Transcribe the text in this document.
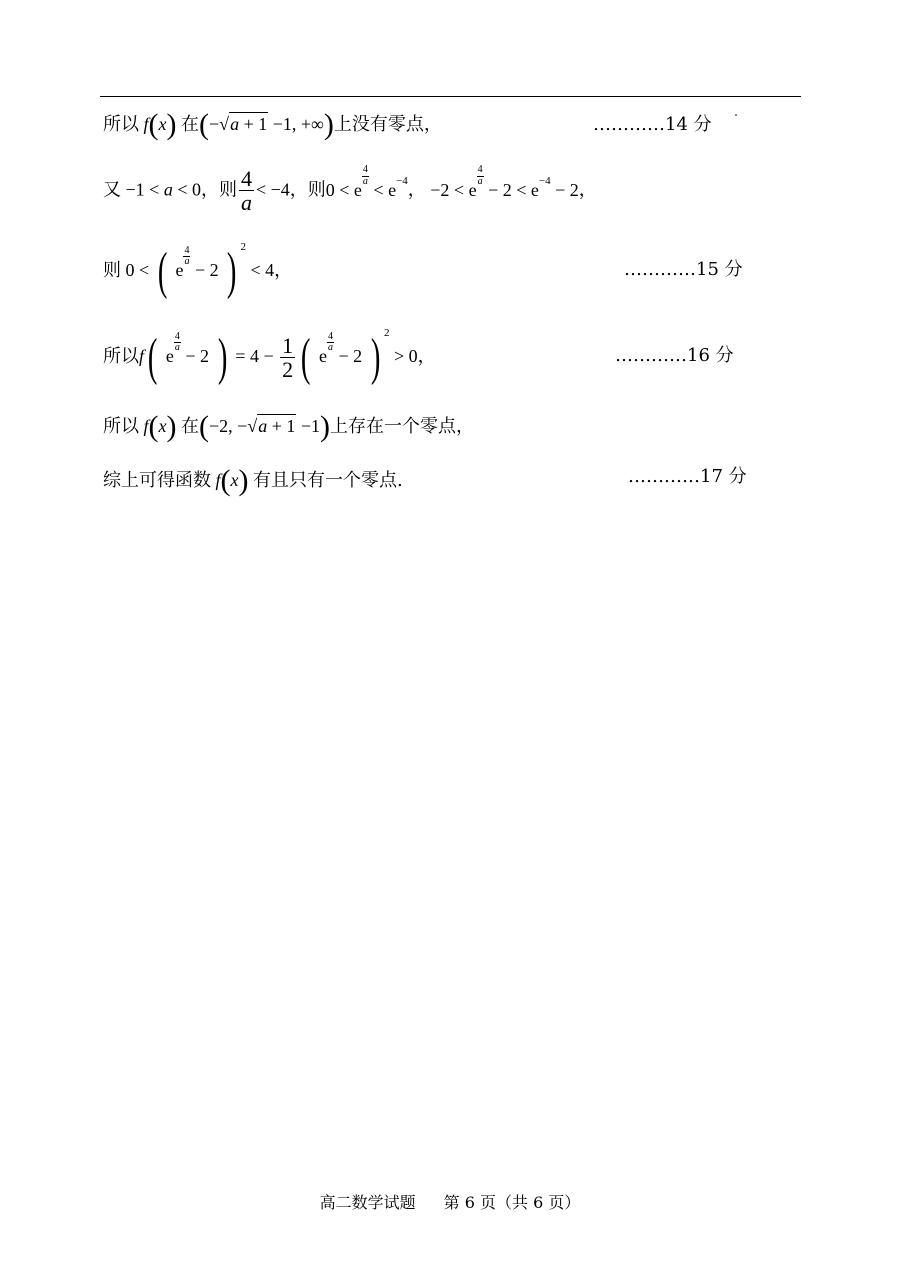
所以 f(x) 在(−√a + 1 −1, +∞)上没有零点，	…………14 分
又 −1 < a < 0，则 $\frac{4}{a} < -4$，则0 < e
$\frac{4}{a}$
< $e^{-4}$， −2 < e
$\frac{4}{a}$
− $2 < e^{-4} - 2$，
则 0 < ( e
$\frac{4}{a}$
− 2 ) $^2$ < 4，	…………15 分
所以f( e
$\frac{4}{a}$
− 2 ) = $4 - \frac{1}{2}$ ( e
$\frac{4}{a}$
− 2 ) $^2$ > 0，	…………16 分
所以 f(x) 在(−2, −√a + 1 −1)上存在一个零点，
综上可得函数 f(x) 有且只有一个零点.	…………17 分
高二数学试题 第 6 页（共 6 页）
